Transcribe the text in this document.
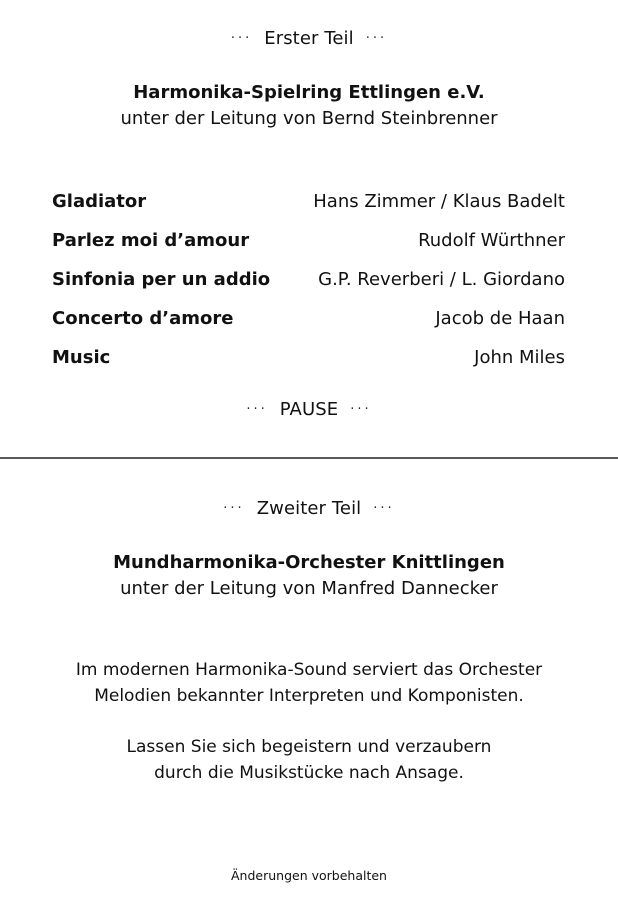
··· Erster Teil ···
Harmonika-Spielring Ettlingen e.V.
unter der Leitung von Bernd Steinbrenner
Gladiator	Hans Zimmer / Klaus Badelt
Parlez moi d’amour	Rudolf Würthner
Sinfonia per un addio	G.P. Reverberi / L. Giordano
Concerto d’amore	Jacob de Haan
Music	John Miles
··· PAUSE ···
··· Zweiter Teil ···
Mundharmonika-Orchester Knittlingen
unter der Leitung von Manfred Dannecker
Im modernen Harmonika-Sound serviert das Orchester
Melodien bekannter Interpreten und Komponisten.
Lassen Sie sich begeistern und verzaubern
durch die Musikstücke nach Ansage.
Änderungen vorbehalten
